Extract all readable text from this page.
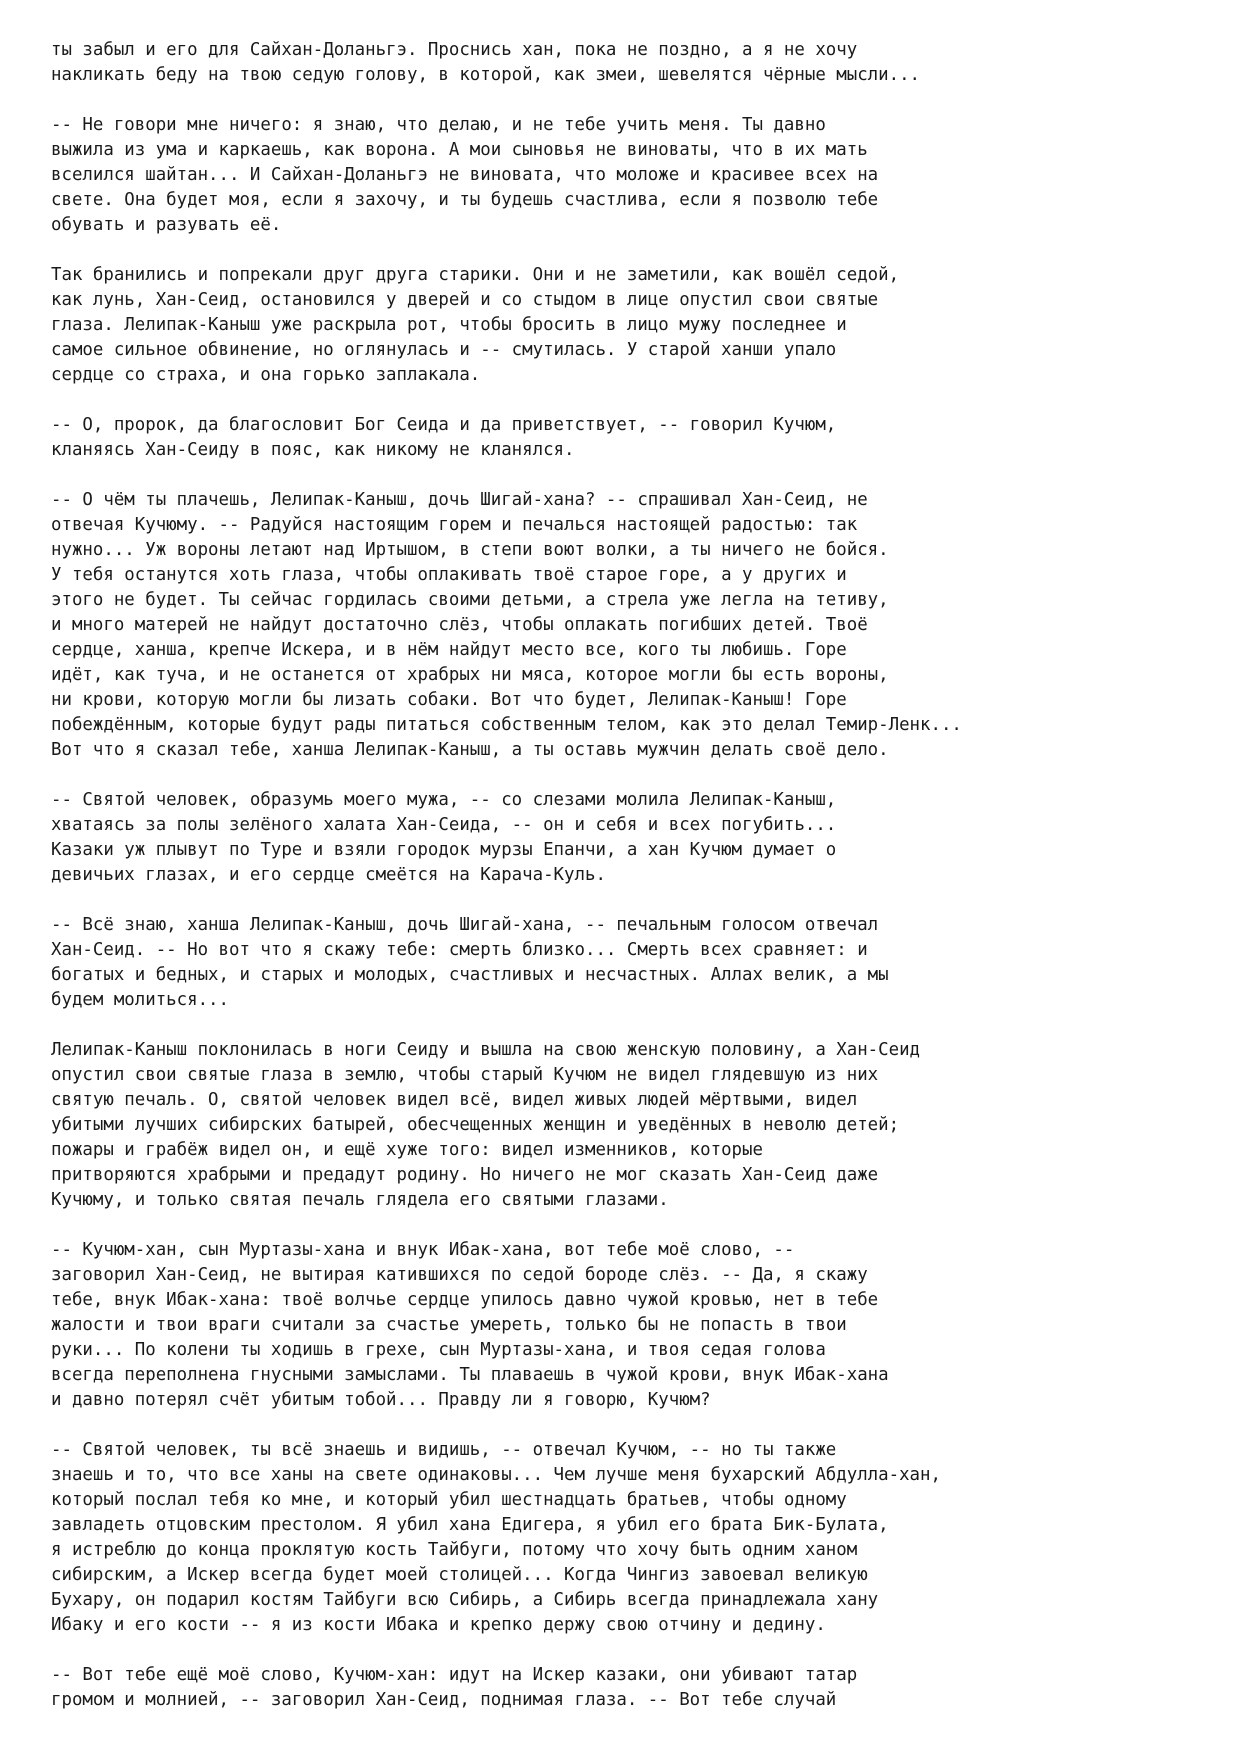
ты забыл и его для Сайхан-Доланьгэ. Проснись хан, пока не поздно, а я не хочу
накликать беду на твою седую голову, в которой, как змеи, шевелятся чёрные мысли...
-- Не говори мне ничего: я знаю, что делаю, и не тебе учить меня. Ты давно
выжила из ума и каркаешь, как ворона. А мои сыновья не виноваты, что в их мать
вселился шайтан... И Сайхан-Доланьгэ не виновата, что моложе и красивее всех на
свете. Она будет моя, если я захочу, и ты будешь счастлива, если я позволю тебе
обувать и разувать её.
Так бранились и попрекали друг друга старики. Они и не заметили, как вошёл седой,
как лунь, Хан-Сеид, остановился у дверей и со стыдом в лице опустил свои святые
глаза. Лелипак-Каныш уже раскрыла рот, чтобы бросить в лицо мужу последнее и
самое сильное обвинение, но оглянулась и -- смутилась. У старой ханши упало
сердце со страха, и она горько заплакала.
-- О, пророк, да благословит Бог Сеида и да приветствует, -- говорил Кучюм,
кланяясь Хан-Сеиду в пояс, как никому не кланялся.
-- О чём ты плачешь, Лелипак-Каныш, дочь Шигай-хана? -- спрашивал Хан-Сеид, не
отвечая Кучюму. -- Радуйся настоящим горем и печалься настоящей радостью: так
нужно... Уж вороны летают над Иртышом, в степи воют волки, а ты ничего не бойся.
У тебя останутся хоть глаза, чтобы оплакивать твоё старое горе, а у других и
этого не будет. Ты сейчас гордилась своими детьми, а стрела уже легла на тетиву,
и много матерей не найдут достаточно слёз, чтобы оплакать погибших детей. Твоё
сердце, ханша, крепче Искера, и в нём найдут место все, кого ты любишь. Горе
идёт, как туча, и не останется от храбрых ни мяса, которое могли бы есть вороны,
ни крови, которую могли бы лизать собаки. Вот что будет, Лелипак-Каныш! Горе
побеждённым, которые будут рады питаться собственным телом, как это делал Темир-Ленк...
Вот что я сказал тебе, ханша Лелипак-Каныш, а ты оставь мужчин делать своё дело.
-- Святой человек, образумь моего мужа, -- со слезами молила Лелипак-Каныш,
хватаясь за полы зелёного халата Хан-Сеида, -- он и себя и всех погубить...
Казаки уж плывут по Туре и взяли городок мурзы Епанчи, а хан Кучюм думает о
девичьих глазах, и его сердце смеётся на Карача-Куль.
-- Всё знаю, ханша Лелипак-Каныш, дочь Шигай-хана, -- печальным голосом отвечал
Хан-Сеид. -- Но вот что я скажу тебе: смерть близко... Смерть всех сравняет: и
богатых и бедных, и старых и молодых, счастливых и несчастных. Аллах велик, а мы
будем молиться...
Лелипак-Каныш поклонилась в ноги Сеиду и вышла на свою женскую половину, а Хан-Сеид
опустил свои святые глаза в землю, чтобы старый Кучюм не видел глядевшую из них
святую печаль. О, святой человек видел всё, видел живых людей мёртвыми, видел
убитыми лучших сибирских батырей, обесчещенных женщин и уведённых в неволю детей;
пожары и грабёж видел он, и ещё хуже того: видел изменников, которые
притворяются храбрыми и предадут родину. Но ничего не мог сказать Хан-Сеид даже
Кучюму, и только святая печаль глядела его святыми глазами.
-- Кучюм-хан, сын Муртазы-хана и внук Ибак-хана, вот тебе моё слово, --
заговорил Хан-Сеид, не вытирая катившихся по седой бороде слёз. -- Да, я скажу
тебе, внук Ибак-хана: твоё волчье сердце упилось давно чужой кровью, нет в тебе
жалости и твои враги считали за счастье умереть, только бы не попасть в твои
руки... По колени ты ходишь в грехе, сын Муртазы-хана, и твоя седая голова
всегда переполнена гнусными замыслами. Ты плаваешь в чужой крови, внук Ибак-хана
и давно потерял счёт убитым тобой... Правду ли я говорю, Кучюм?
-- Святой человек, ты всё знаешь и видишь, -- отвечал Кучюм, -- но ты также
знаешь и то, что все ханы на свете одинаковы... Чем лучше меня бухарский Абдулла-хан,
который послал тебя ко мне, и который убил шестнадцать братьев, чтобы одному
завладеть отцовским престолом. Я убил хана Едигера, я убил его брата Бик-Булата,
я истреблю до конца проклятую кость Тайбуги, потому что хочу быть одним ханом
сибирским, а Искер всегда будет моей столицей... Когда Чингиз завоевал великую
Бухару, он подарил костям Тайбуги всю Сибирь, а Сибирь всегда принадлежала хану
Ибаку и его кости -- я из кости Ибака и крепко держу свою отчину и дедину.
-- Вот тебе ещё моё слово, Кучюм-хан: идут на Искер казаки, они убивают татар
громом и молнией, -- заговорил Хан-Сеид, поднимая глаза. -- Вот тебе случай
